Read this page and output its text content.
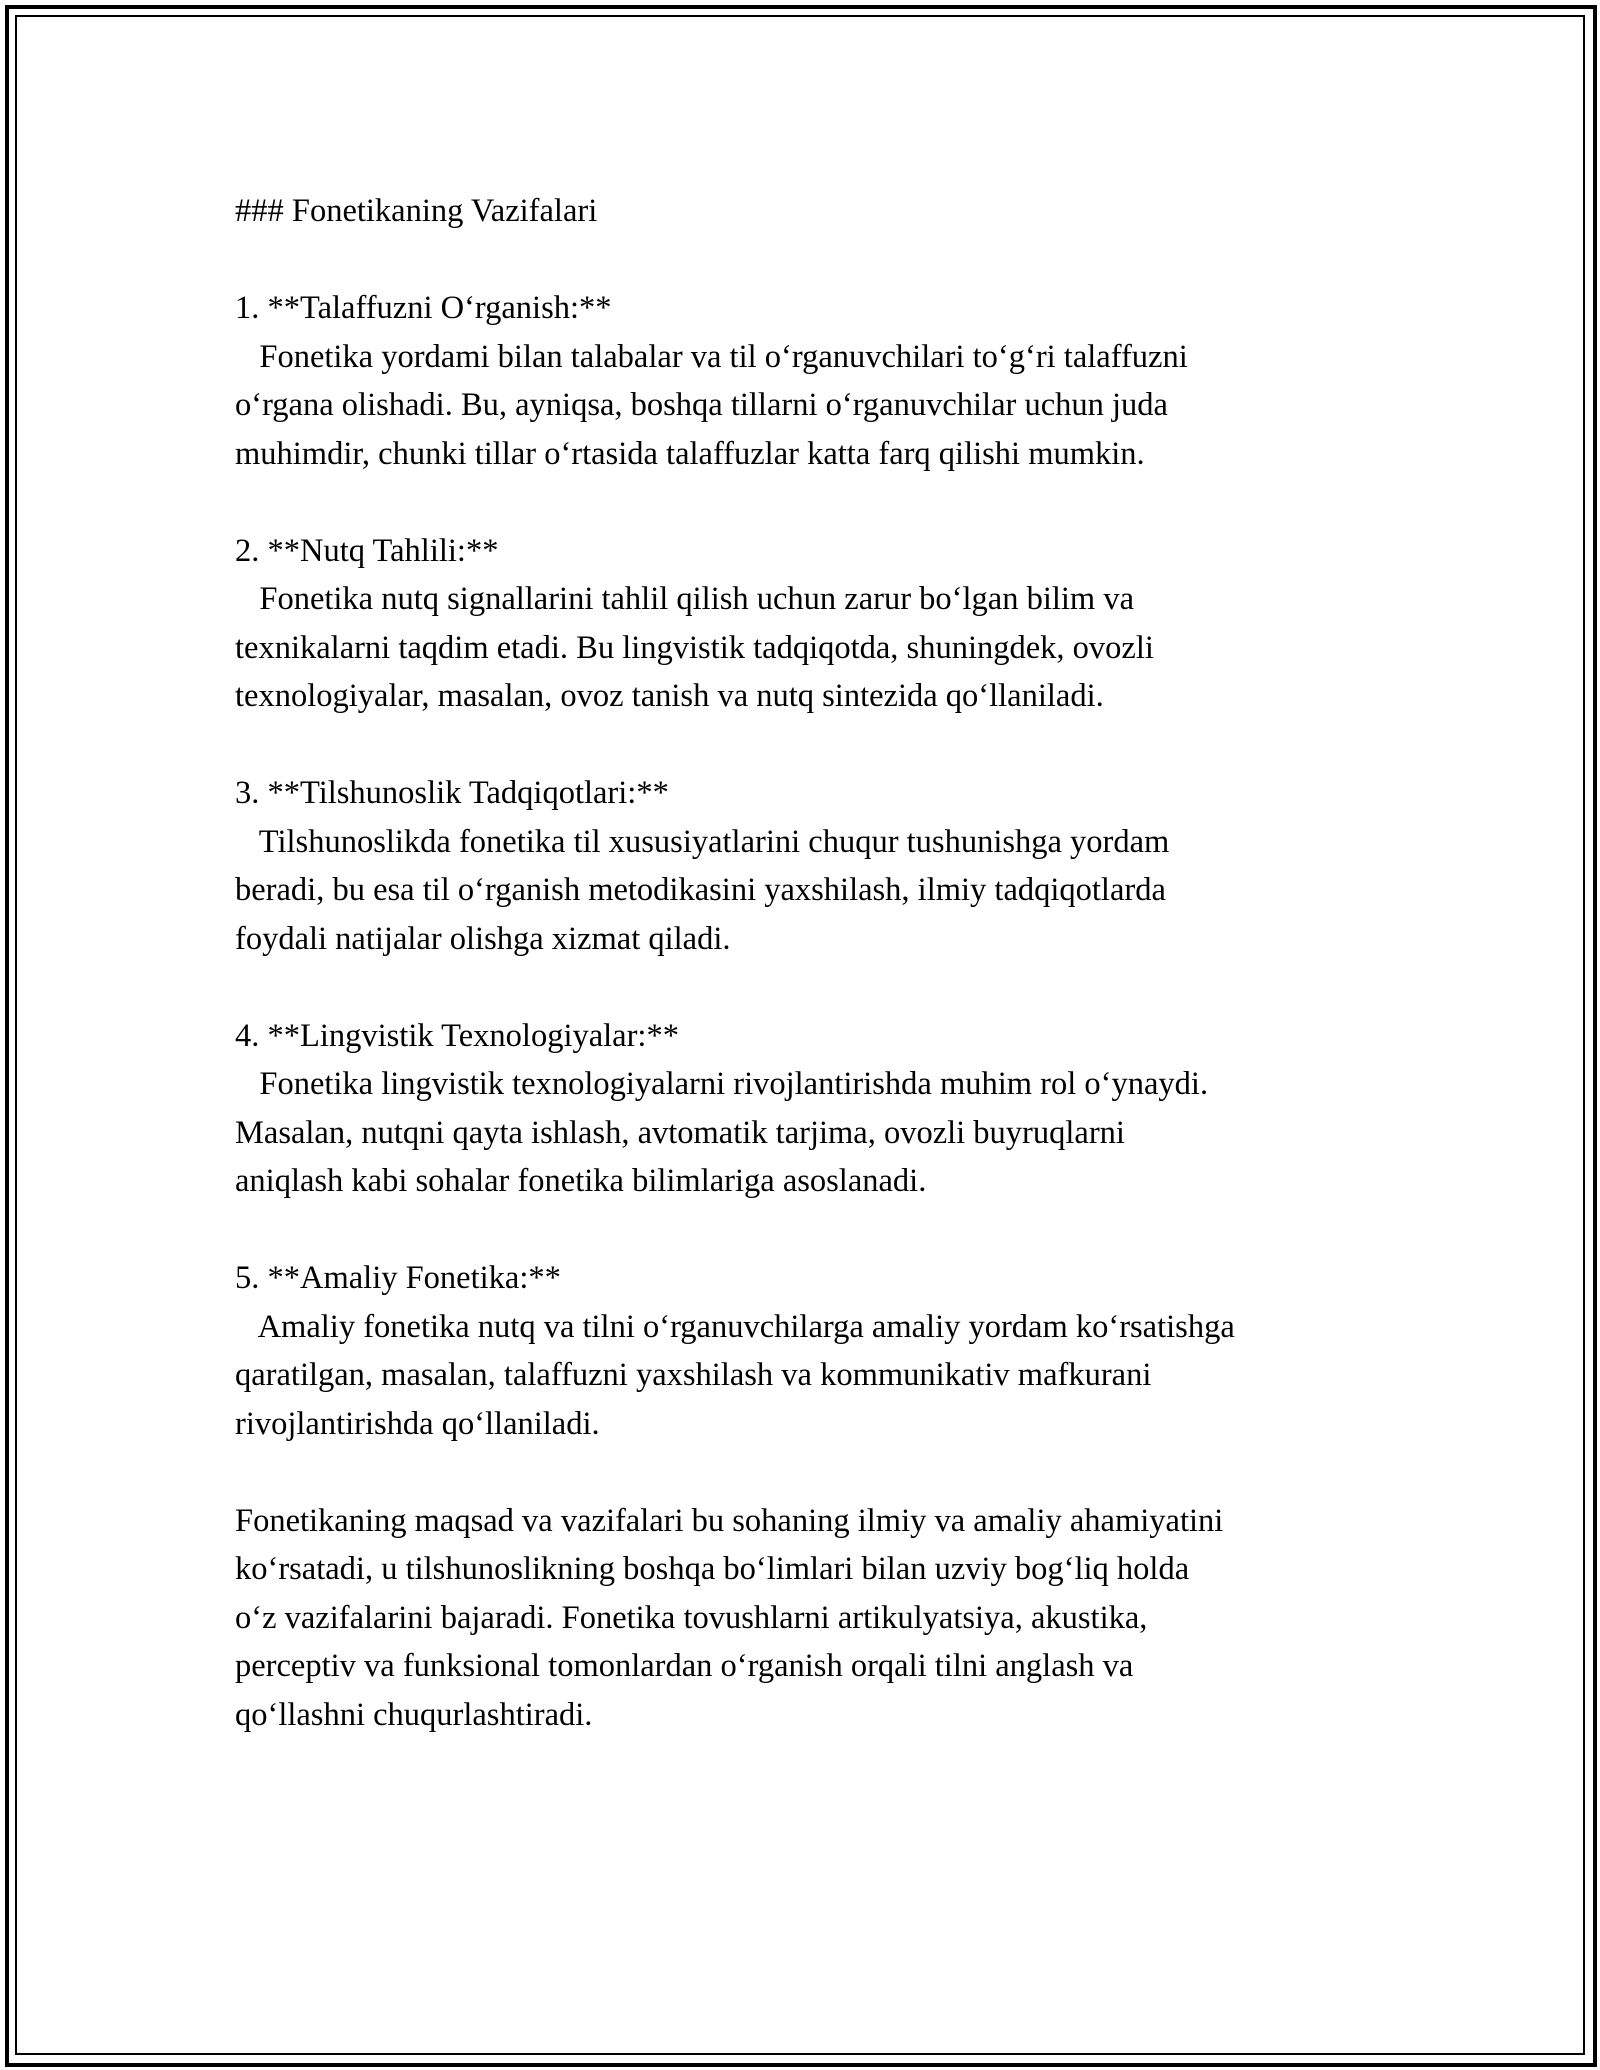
### Fonetikaning Vazifalari
1. **Talaffuzni O‘rganish:**
Fonetika yordami bilan talabalar va til o‘rganuvchilari to‘g‘ri talaffuzni
o‘rgana olishadi. Bu, ayniqsa, boshqa tillarni o‘rganuvchilar uchun juda
muhimdir, chunki tillar o‘rtasida talaffuzlar katta farq qilishi mumkin.
2. **Nutq Tahlili:**
Fonetika nutq signallarini tahlil qilish uchun zarur bo‘lgan bilim va
texnikalarni taqdim etadi. Bu lingvistik tadqiqotda, shuningdek, ovozli
texnologiyalar, masalan, ovoz tanish va nutq sintezida qo‘llaniladi.
3. **Tilshunoslik Tadqiqotlari:**
Tilshunoslikda fonetika til xususiyatlarini chuqur tushunishga yordam
beradi, bu esa til o‘rganish metodikasini yaxshilash, ilmiy tadqiqotlarda
foydali natijalar olishga xizmat qiladi.
4. **Lingvistik Texnologiyalar:**
Fonetika lingvistik texnologiyalarni rivojlantirishda muhim rol o‘ynaydi.
Masalan, nutqni qayta ishlash, avtomatik tarjima, ovozli buyruqlarni
aniqlash kabi sohalar fonetika bilimlariga asoslanadi.
5. **Amaliy Fonetika:**
Amaliy fonetika nutq va tilni o‘rganuvchilarga amaliy yordam ko‘rsatishga
qaratilgan, masalan, talaffuzni yaxshilash va kommunikativ mafkurani
rivojlantirishda qo‘llaniladi.
Fonetikaning maqsad va vazifalari bu sohaning ilmiy va amaliy ahamiyatini
ko‘rsatadi, u tilshunoslikning boshqa bo‘limlari bilan uzviy bog‘liq holda
o‘z vazifalarini bajaradi. Fonetika tovushlarni artikulyatsiya, akustika,
perceptiv va funksional tomonlardan o‘rganish orqali tilni anglash va
qo‘llashni chuqurlashtiradi.
